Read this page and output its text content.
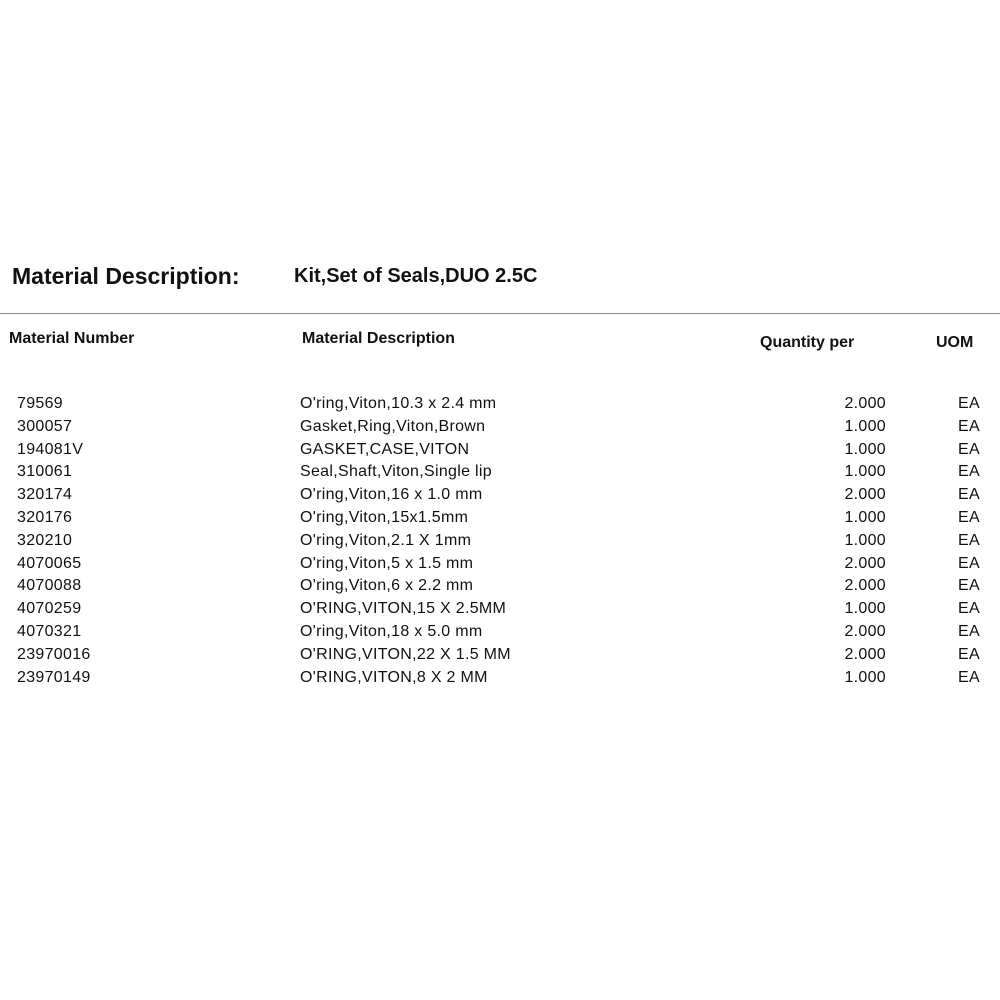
Material Description:	Kit,Set of Seals,DUO 2.5C
Material Number	Material Description	Quantity per	UOM
79569	O'ring,Viton,10.3 x 2.4 mm	2.000	EA
300057	Gasket,Ring,Viton,Brown	1.000	EA
194081V	GASKET,CASE,VITON	1.000	EA
310061	Seal,Shaft,Viton,Single lip	1.000	EA
320174	O'ring,Viton,16 x 1.0 mm	2.000	EA
320176	O'ring,Viton,15x1.5mm	1.000	EA
320210	O'ring,Viton,2.1 X 1mm	1.000	EA
4070065	O'ring,Viton,5 x 1.5 mm	2.000	EA
4070088	O'ring,Viton,6 x 2.2 mm	2.000	EA
4070259	O'RING,VITON,15 X 2.5MM	1.000	EA
4070321	O'ring,Viton,18 x 5.0 mm	2.000	EA
23970016	O'RING,VITON,22 X 1.5 MM	2.000	EA
23970149	O'RING,VITON,8 X 2 MM	1.000	EA
